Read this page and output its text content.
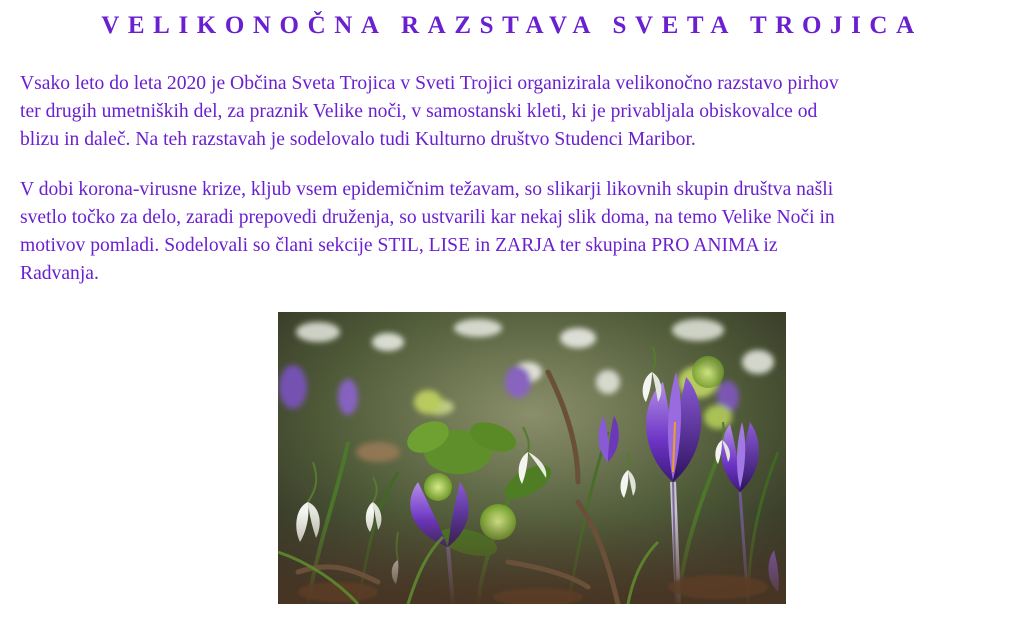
VELIKONOČNA RAZSTAVA SVETA TROJICA

Vsako leto do leta 2020 je Občina Sveta Trojica v Sveti Trojici organizirala velikonočno razstavo pirhov
ter drugih umetniških del, za praznik Velike noči, v samostanski kleti, ki je privabljala obiskovalce od
blizu in daleč. Na teh razstavah je sodelovalo tudi Kulturno društvo Studenci Maribor.

V dobi korona-virusne krize, kljub vsem epidemičnim težavam, so slikarji likovnih skupin društva našli
svetlo točko za delo, zaradi prepovedi druženja, so ustvarili kar nekaj slik doma, na temo Velike Noči in
motivov pomladi. Sodelovali so člani sekcije STIL, LISE in ZARJA ter skupina PRO ANIMA iz
Radvanja.
